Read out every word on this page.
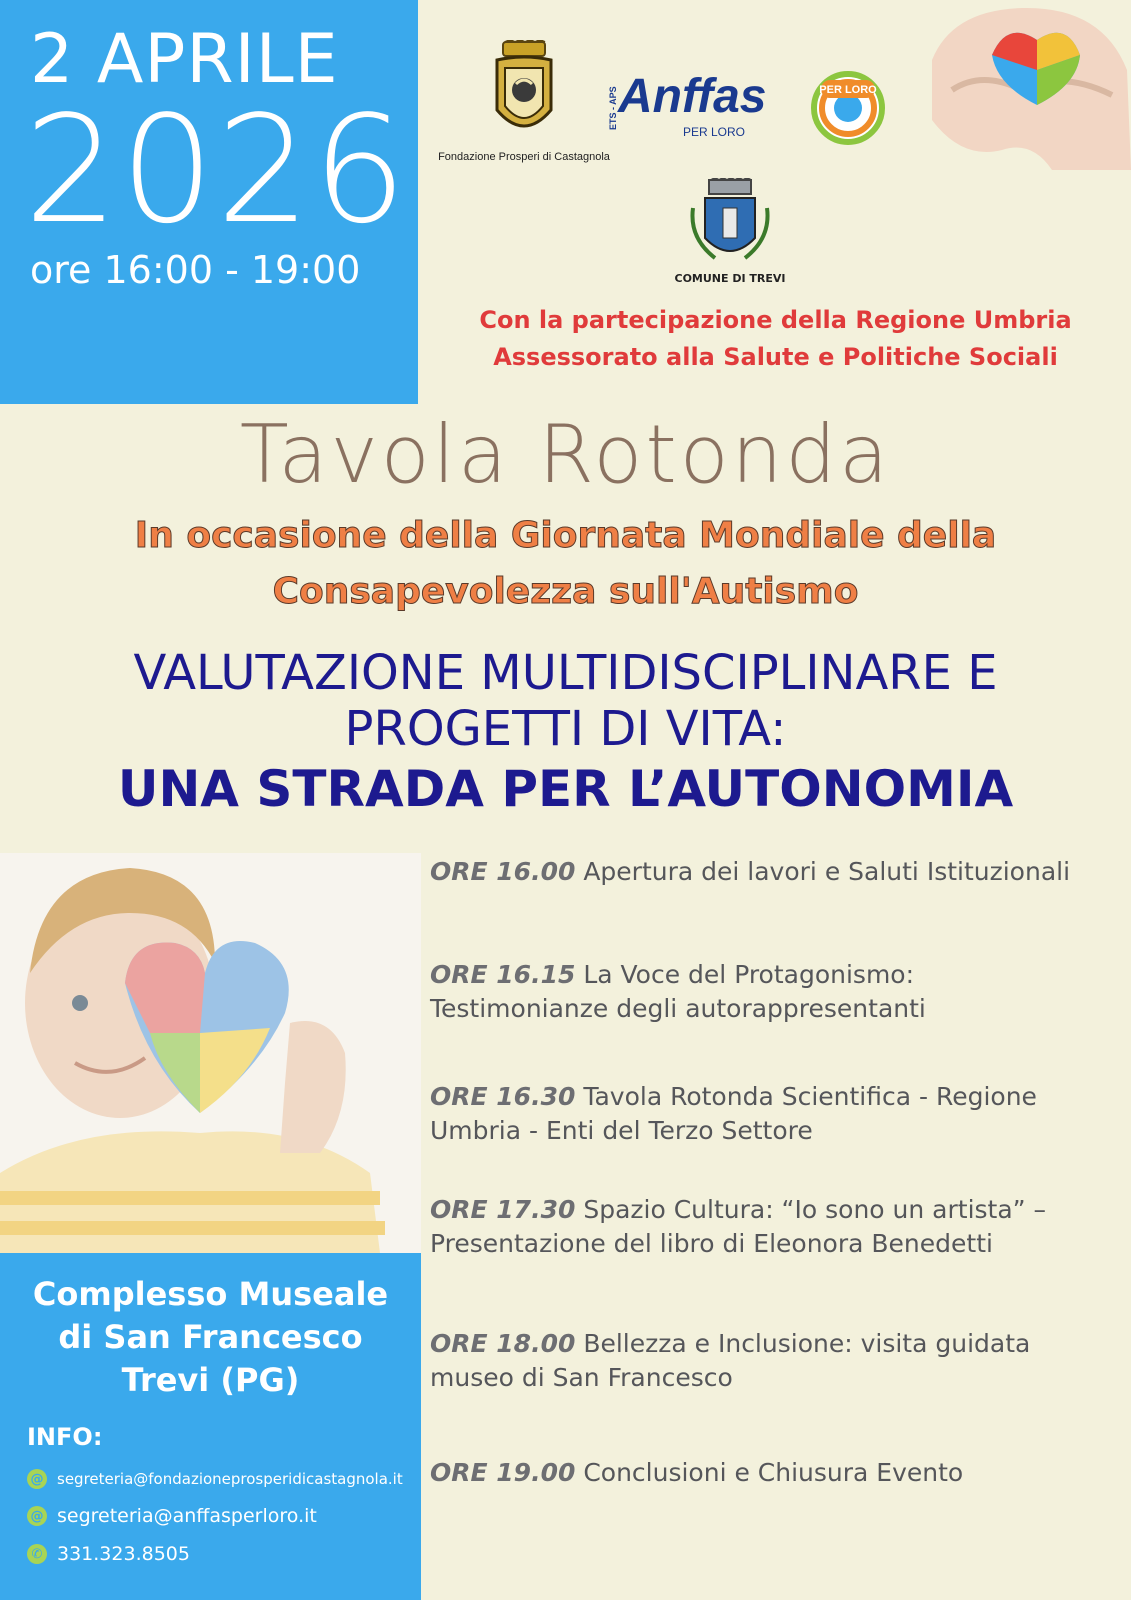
2 APRILE
2026
ore 16:00 - 19:00
Fondazione Prosperi di Castagnola
ETS - APS Anffas
PER LORO
PER LORO
COMUNE DI TREVI
Con la partecipazione della Regione Umbria
Assessorato alla Salute e Politiche Sociali
Tavola Rotonda
In occasione della Giornata Mondiale della
Consapevolezza sull'Autismo
VALUTAZIONE MULTIDISCIPLINARE E
PROGETTI DI VITA:
UNA STRADA PER L’AUTONOMIA
Complesso Museale
di San Francesco
Trevi (PG)
INFO:
@ segreteria@fondazioneprosperidicastagnola.it
@ segreteria@anffasperloro.it
✆ 331.323.8505
ORE 16.00 Apertura dei lavori e Saluti Istituzionali
ORE 16.15 La Voce del Protagonismo:
Testimonianze degli autorappresentanti
ORE 16.30 Tavola Rotonda Scientifica - Regione
Umbria - Enti del Terzo Settore
ORE 17.30 Spazio Cultura: “Io sono un artista” –
Presentazione del libro di Eleonora Benedetti
ORE 18.00 Bellezza e Inclusione: visita guidata
museo di San Francesco
ORE 19.00 Conclusioni e Chiusura Evento
